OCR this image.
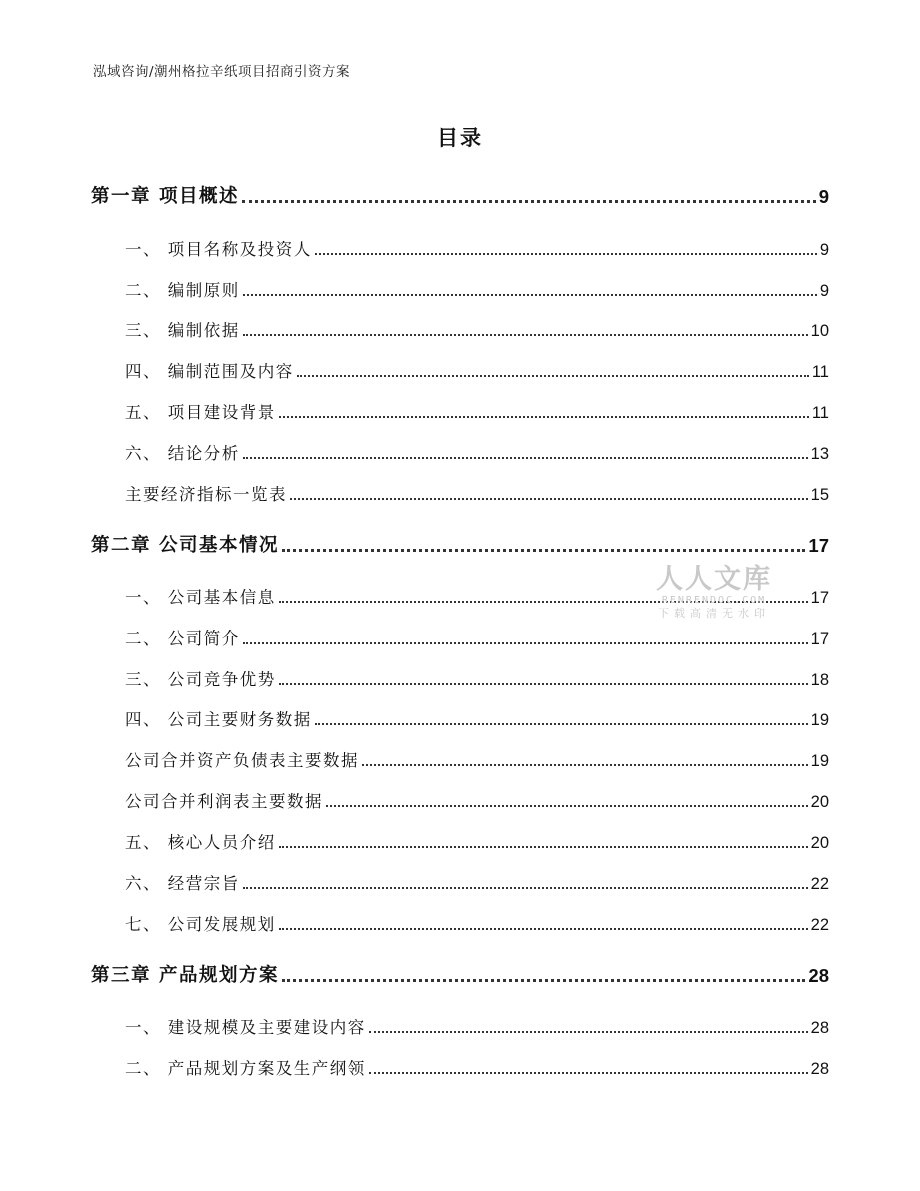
泓域咨询/潮州格拉辛纸项目招商引资方案
目录
第一章 项目概述	9
一、 项目名称及投资人	9
二、 编制原则	9
三、 编制依据	10
四、 编制范围及内容	11
五、 项目建设背景	11
六、 结论分析	13
主要经济指标一览表	15
第二章 公司基本情况	17
一、 公司基本信息	17
二、 公司简介	17
三、 公司竞争优势	18
四、 公司主要财务数据	19
公司合并资产负债表主要数据	19
公司合并利润表主要数据	20
五、 核心人员介绍	20
六、 经营宗旨	22
七、 公司发展规划	22
第三章 产品规划方案	28
一、 建设规模及主要建设内容	28
二、 产品规划方案及生产纲领	28
人人文库
RENRENDOC.COM
下载高清无水印
